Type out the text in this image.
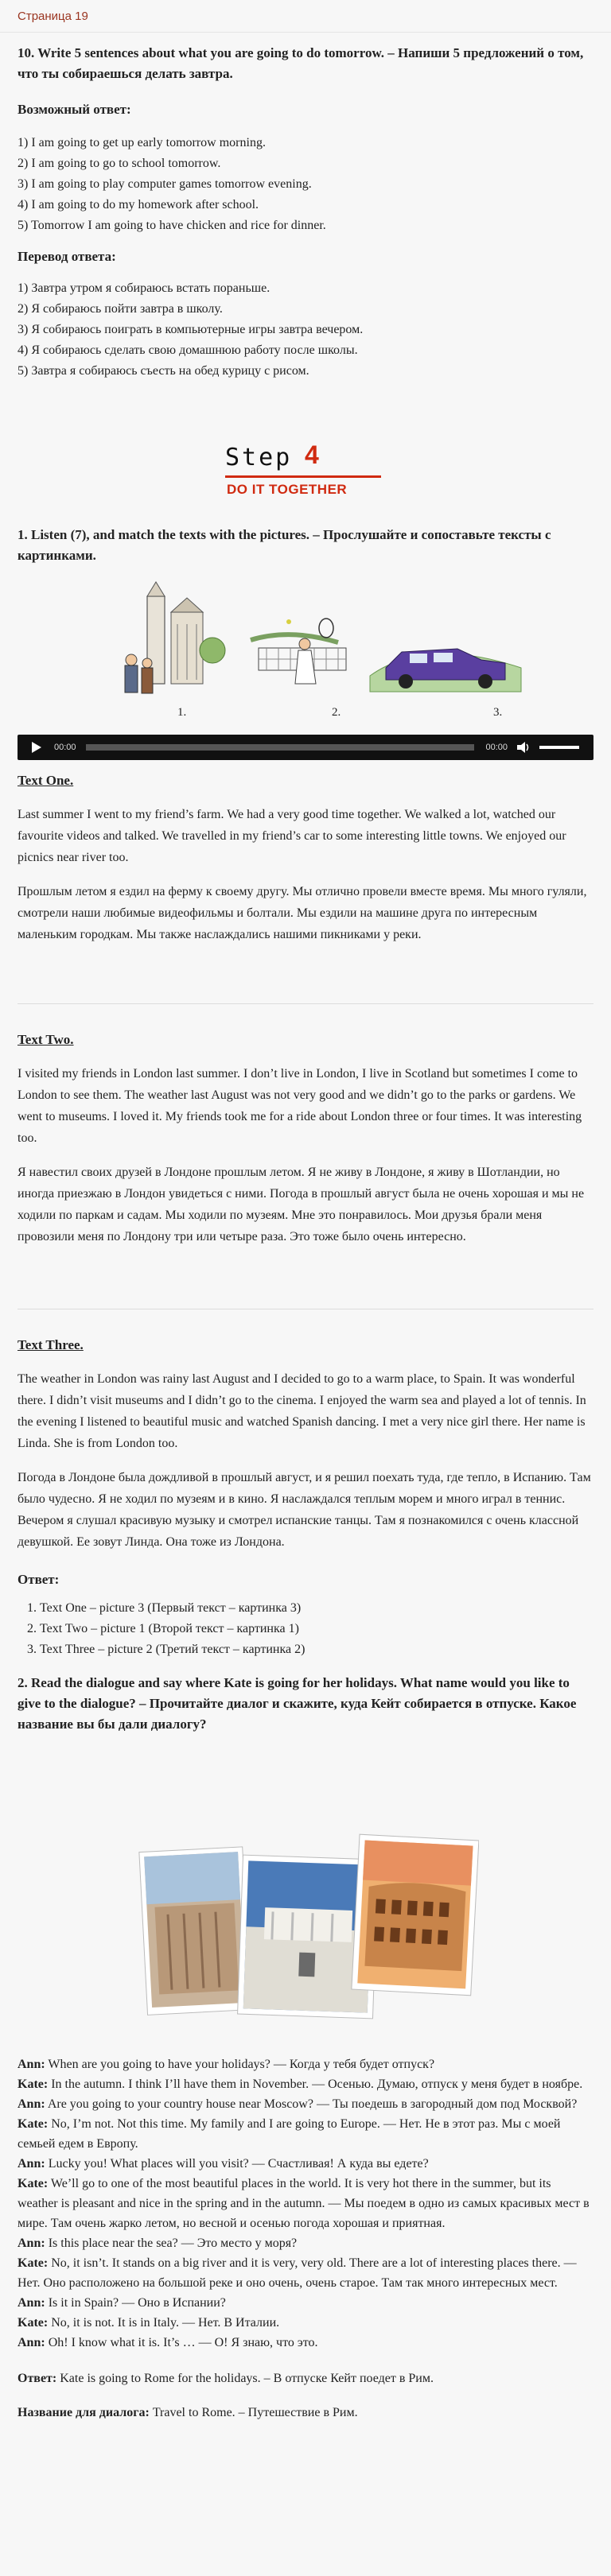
Страница 19

10. Write 5 sentences about what you are going to do tomorrow. – Напиши 5 предложений о том, что ты собираешься делать завтра.

Возможный ответ:

1) I am going to get up early tomorrow morning.

2) I am going to go to school tomorrow.

3) I am going to play computer games tomorrow evening.

4) I am going to do my homework after school.

5) Tomorrow I am going to have chicken and rice for dinner.

Перевод ответа:

1) Завтра утром я собираюсь встать пораньше.

2) Я собираюсь пойти завтра в школу.

3) Я собираюсь поиграть в компьютерные игры завтра вечером.

4) Я собираюсь сделать свою домашнюю работу после школы.

5) Завтра я собираюсь съесть на обед курицу с рисом.

Step 4
DO IT TOGETHER

1. Listen (7), and match the texts with the pictures. – Прослушайте и сопоставьте тексты с картинками.

1.	2.	3.
00:00	00:00

Text One.

Last summer I went to my friend’s farm. We had a very good time together. We walked a lot, watched our favourite videos and talked. We travelled in my friend’s car to some interesting little towns. We enjoyed our picnics near river too.

Прошлым летом я ездил на ферму к своему другу. Мы отлично провели вместе время. Мы много гуляли, смотрели наши любимые видеофильмы и болтали. Мы ездили на машине друга по интересным маленьким городкам. Мы также наслаждались нашими пикниками у реки.

Text Two.

I visited my friends in London last summer. I don’t live in London, I live in Scotland but sometimes I come to London to see them. The weather last August was not very good and we didn’t go to the parks or gardens. We went to museums. I loved it. My friends took me for a ride about London three or four times. It was interesting too.

Я навестил своих друзей в Лондоне прошлым летом. Я не живу в Лондоне, я живу в Шотландии, но иногда приезжаю в Лондон увидеться с ними. Погода в прошлый август была не очень хорошая и мы не ходили по паркам и садам. Мы ходили по музеям. Мне это понравилось. Мои друзья брали меня провозили меня по Лондону три или четыре раза. Это тоже было очень интересно.

Text Three.

The weather in London was rainy last August and I decided to go to a warm place, to Spain. It was wonderful there. I didn’t visit museums and I didn’t go to the cinema. I enjoyed the warm sea and played a lot of tennis. In the evening I listened to beautiful music and watched Spanish dancing. I met a very nice girl there. Her name is Linda. She is from London too.

Погода в Лондоне была дождливой в прошлый август, и я решил поехать туда, где тепло, в Испанию. Там было чудесно. Я не ходил по музеям и в кино. Я наслаждался теплым морем и много играл в теннис. Вечером я слушал красивую музыку и смотрел испанские танцы. Там я познакомился с очень классной девушкой. Ее зовут Линда. Она тоже из Лондона.

Ответ:

1. Text One – picture 3 (Первый текст – картинка 3)
2. Text Two – picture 1 (Второй текст – картинка 1)
3. Text Three – picture 2 (Третий текст – картинка 2)

2. Read the dialogue and say where Kate is going for her holidays. What name would you like to give to the dialogue? – Прочитайте диалог и скажите, куда Кейт собирается в отпуске. Какое название вы бы дали диалогу?

Ann: When are you going to have your holidays? — Когда у тебя будет отпуск?

Kate: In the autumn. I think I’ll have them in November. — Осенью. Думаю, отпуск у меня будет в ноябре.

Ann: Are you going to your country house near Moscow? — Ты поедешь в загородный дом под Москвой?

Kate: No, I’m not. Not this time. My family and I are going to Europe. — Нет. Не в этот раз. Мы с моей семьей едем в Европу.

Ann: Lucky you! What places will you visit? — Счастливая! А куда вы едете?

Kate: We’ll go to one of the most beautiful places in the world. It is very hot there in the summer, but its weather is pleasant and nice in the spring and in the autumn. — Мы поедем в одно из самых красивых мест в мире. Там очень жарко летом, но весной и осенью погода хорошая и приятная.

Ann: Is this place near the sea? — Это место у моря?

Kate: No, it isn’t. It stands on a big river and it is very, very old. There are a lot of interesting places there. — Нет. Оно расположено на большой реке и оно очень, очень старое. Там так много интересных мест.

Ann: Is it in Spain? — Оно в Испании?

Kate: No, it is not. It is in Italy. — Нет. В Италии.

Ann: Oh! I know what it is. It’s … — О! Я знаю, что это.

Ответ: Kate is going to Rome for the holidays. – В отпуске Кейт поедет в Рим.

Название для диалога: Travel to Rome. – Путешествие в Рим.
